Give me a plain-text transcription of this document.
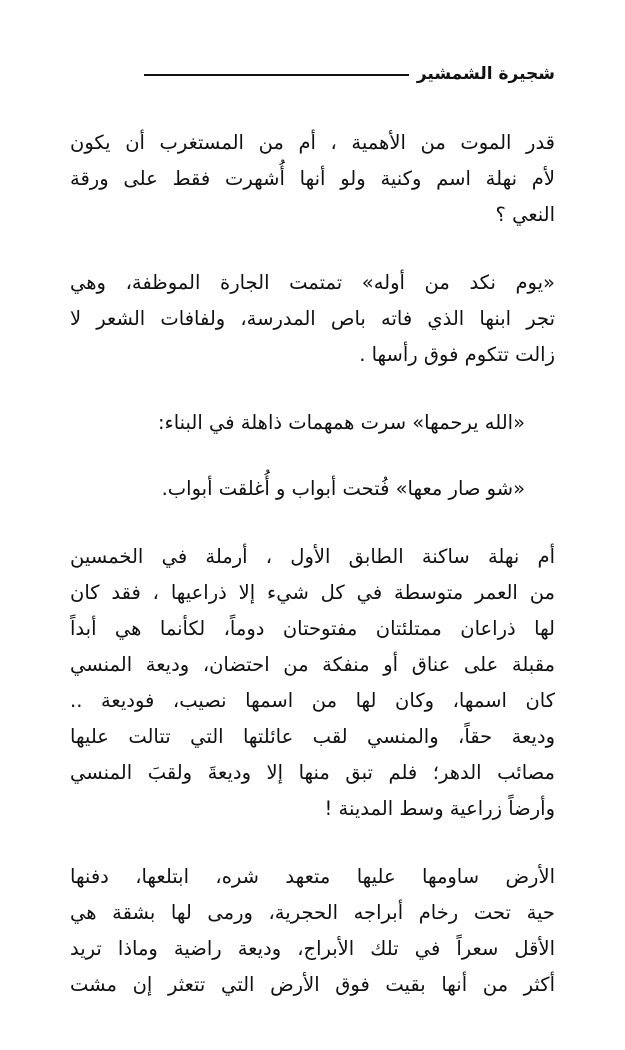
شجيرة الشمشير
قدر الموت من الأهمية ، أم من المستغرب أن يكون
لأم نهلة اسم وكنية ولو أنها أُشهرت فقط على ورقة
النعي ؟
«يوم نكد من أوله» تمتمت الجارة الموظفة، وهي
تجر ابنها الذي فاته باص المدرسة، ولفافات الشعر لا
زالت تتكوم فوق رأسها .
«الله يرحمها» سرت همهمات ذاهلة في البناء:
«شو صار معها» فُتحت أبواب و أُغلقت أبواب.
أم نهلة ساكنة الطابق الأول ، أرملة في الخمسين
من العمر متوسطة في كل شيء إلا ذراعيها ، فقد كان
لها ذراعان ممتلئتان مفتوحتان دوماً، لكأنما هي أبداً
مقبلة على عناق أو منفكة من احتضان، وديعة المنسي
كان اسمها، وكان لها من اسمها نصيب، فوديعة ..
وديعة حقاً، والمنسي لقب عائلتها التي تتالت عليها
مصائب الدهر؛ فلم تبق منها إلا وديعةَ ولقبَ المنسي
وأرضاً زراعية وسط المدينة !
الأرض ساومها عليها متعهد شره، ابتلعها، دفنها
حية تحت رخام أبراجه الحجرية، ورمى لها بشقة هي
الأقل سعراً في تلك الأبراج، وديعة راضية وماذا تريد
أكثر من أنها بقيت فوق الأرض التي تتعثر إن مشت
